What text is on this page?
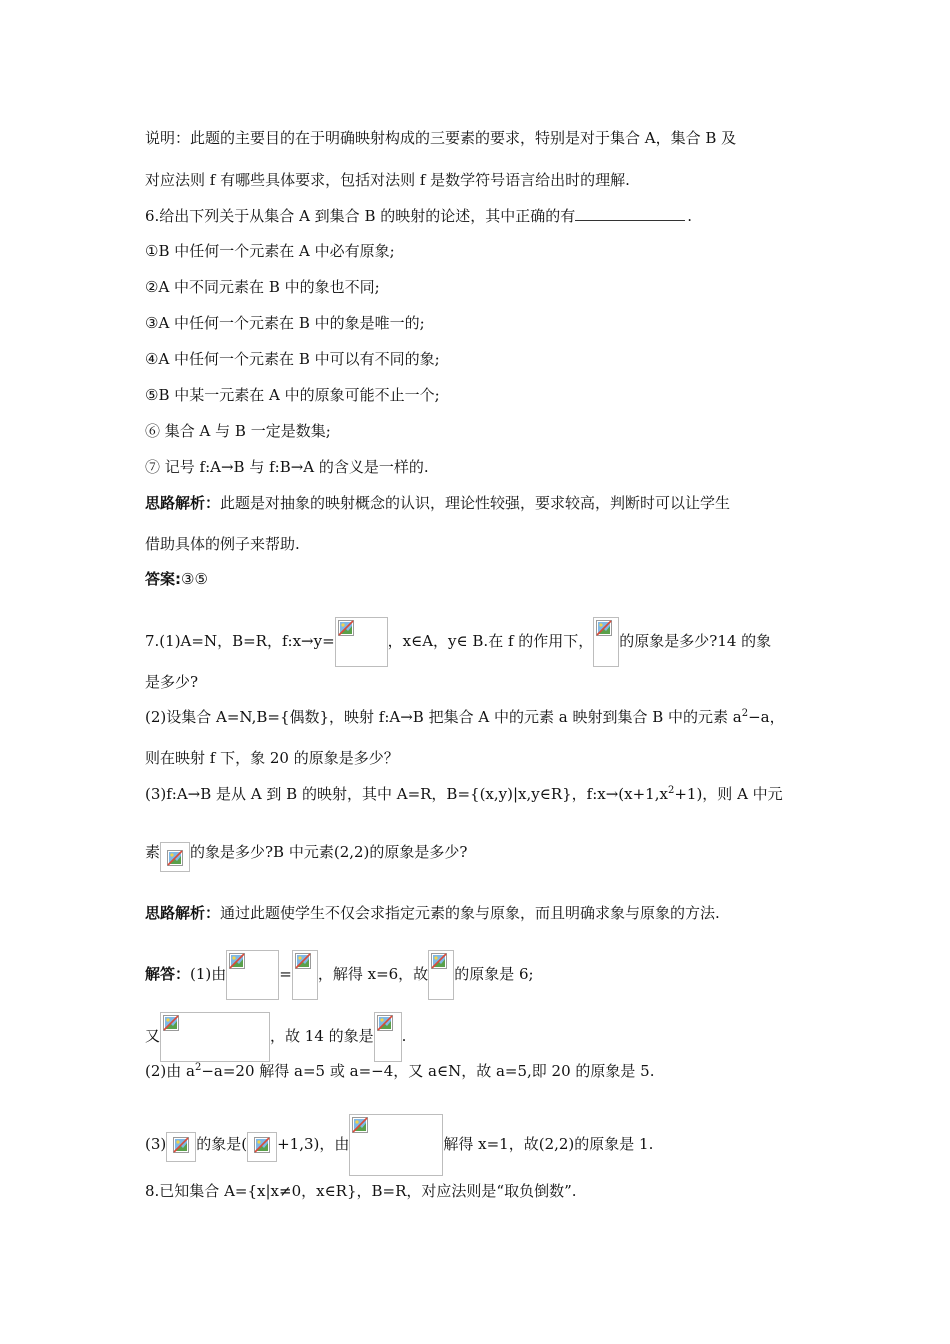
说明：此题的主要目的在于明确映射构成的三要素的要求，特别是对于集合 A，集合 B 及
对应法则 f 有哪些具体要求，包括对法则 f 是数学符号语言给出时的理解.
6.给出下列关于从集合 A 到集合 B 的映射的论述，其中正确的有	.
①B 中任何一个元素在 A 中必有原象;
②A 中不同元素在 B 中的象也不同;
③A 中任何一个元素在 B 中的象是唯一的;
④A 中任何一个元素在 B 中可以有不同的象;
⑤B 中某一元素在 A 中的原象可能不止一个;
⑥ 集合 A 与 B 一定是数集;
⑦ 记号 f:A→B 与 f:B→A 的含义是一样的.
思路解析：此题是对抽象的映射概念的认识，理论性较强，要求较高，判断时可以让学生
借助具体的例子来帮助.
答案:③⑤
7.(1)A=N，B=R，f:x→y=	，x∈A，y∈ B.在 f 的作用下， 的原象是多少?14 的象
是多少?
(2)设集合 A=N,B={偶数}，映射 f:A→B 把集合 A 中的元素 a 映射到集合 B 中的元素 $a^2-a$，
则在映射 f 下，象 20 的原象是多少？
(3)f:A→B 是从 A 到 B 的映射，其中 A=R，B={(x,y)|x,y∈R}，$f:x\to(x+1,x^2+1)$，则 A 中元
素 的象是多少?B 中元素(2,2)的原象是多少?
思路解析：通过此题使学生不仅会求指定元素的象与原象，而且明确求象与原象的方法.
解答：(1)由	= ，解得 x=6，故 的原象是 6;
又	，故 14 的象是 .
(2)由 $a^2-a=20$ 解得 a=5 或 a=−4，又 a∈N，故 a=5,即 20 的原象是 5.
(3) 的象是( +1,3)，由	解得 x=1，故(2,2)的原象是 1.
8.已知集合 A={x|x≠0，x∈R}，B=R，对应法则是“取负倒数”.
